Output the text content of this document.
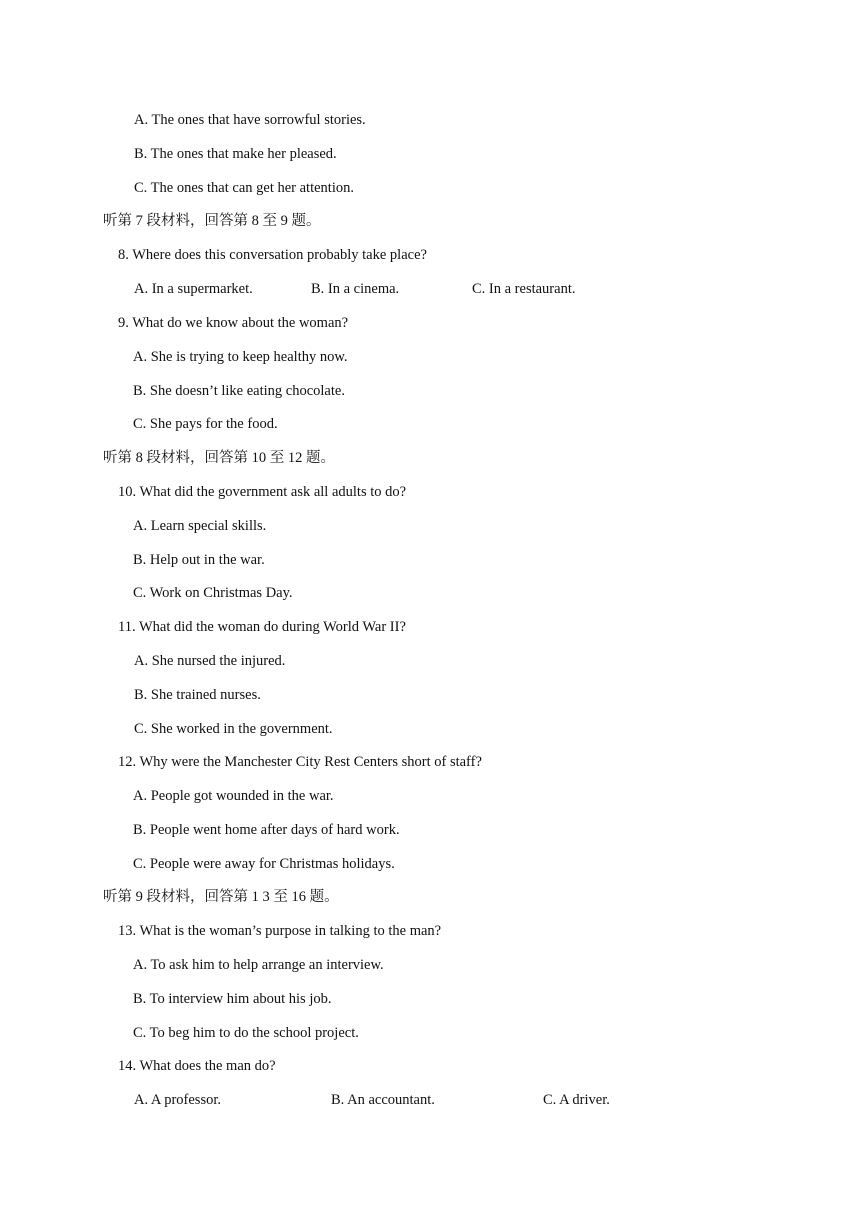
A. The ones that have sorrowful stories.
B. The ones that make her pleased.
C. The ones that can get her attention.
听第 7 段材料，回答第 8 至 9 题。
8. Where does this conversation probably take place?
A. In a supermarket.	B. In a cinema.	C. In a restaurant.
9. What do we know about the woman?
A. She is trying to keep healthy now.
B. She doesn’t like eating chocolate.
C. She pays for the food.
听第 8 段材料，回答第 10 至 12 题。
10. What did the government ask all adults to do?
A. Learn special skills.
B. Help out in the war.
C. Work on Christmas Day.
11. What did the woman do during World War II?
A. She nursed the injured.
B. She trained nurses.
C. She worked in the government.
12. Why were the Manchester City Rest Centers short of staff?
A. People got wounded in the war.
B. People went home after days of hard work.
C. People were away for Christmas holidays.
听第 9 段材料，回答第 1 3 至 16 题。
13. What is the woman’s purpose in talking to the man?
A. To ask him to help arrange an interview.
B. To interview him about his job.
C. To beg him to do the school project.
14. What does the man do?
A. A professor.	B. An accountant.	C. A driver.
